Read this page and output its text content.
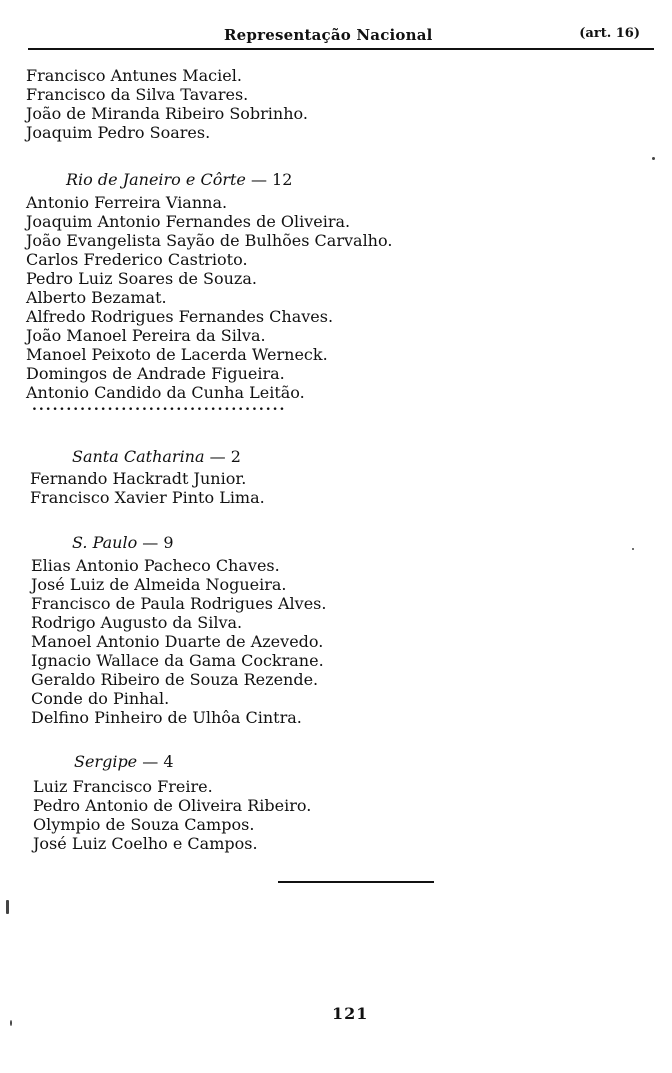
Representação Nacional	(art. 16)
Francisco Antunes Maciel.
Francisco da Silva Tavares.
João de Miranda Ribeiro Sobrinho.
Joaquim Pedro Soares.
Rio de Janeiro e Côrte — 12
Antonio Ferreira Vianna.
Joaquim Antonio Fernandes de Oliveira.
João Evangelista Sayão de Bulhões Carvalho.
Carlos Frederico Castrioto.
Pedro Luiz Soares de Souza.
Alberto Bezamat.
Alfredo Rodrigues Fernandes Chaves.
João Manoel Pereira da Silva.
Manoel Peixoto de Lacerda Werneck.
Domingos de Andrade Figueira.
Antonio Candido da Cunha Leitão.
.....................................
Santa Catharina — 2
Fernando Hackradt Junior.
Francisco Xavier Pinto Lima.
S. Paulo — 9
Elias Antonio Pacheco Chaves.
José Luiz de Almeida Nogueira.
Francisco de Paula Rodrigues Alves.
Rodrigo Augusto da Silva.
Manoel Antonio Duarte de Azevedo.
Ignacio Wallace da Gama Cockrane.
Geraldo Ribeiro de Souza Rezende.
Conde do Pinhal.
Delfino Pinheiro de Ulhôa Cintra.
Sergipe — 4
Luiz Francisco Freire.
Pedro Antonio de Oliveira Ribeiro.
Olympio de Souza Campos.
José Luiz Coelho e Campos.
121
